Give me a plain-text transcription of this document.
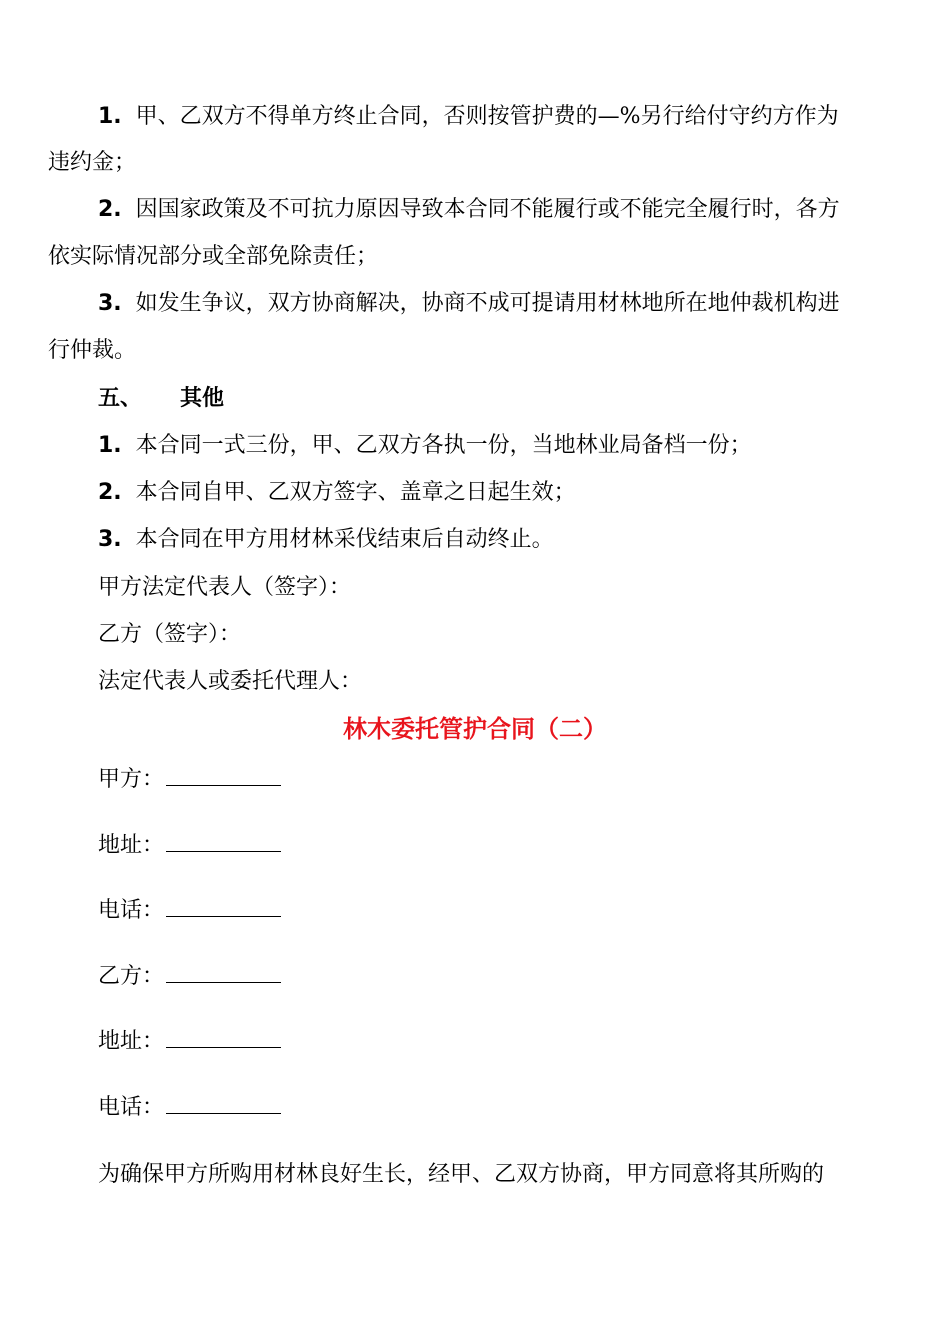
1. 甲、乙双方不得单方终止合同，否则按管护费的—%另行给付守约方作为
违约金；
2. 因国家政策及不可抗力原因导致本合同不能履行或不能完全履行时，各方
依实际情况部分或全部免除责任；
3. 如发生争议，双方协商解决，协商不成可提请用材林地所在地仲裁机构进
行仲裁。
五、 其他
1. 本合同一式三份，甲、乙双方各执一份，当地林业局备档一份；
2. 本合同自甲、乙双方签字、盖章之日起生效；
3. 本合同在甲方用材林采伐结束后自动终止。
甲方法定代表人（签字）：
乙方（签字）：
法定代表人或委托代理人：
林木委托管护合同（二）
甲方：
地址：
电话：
乙方：
地址：
电话：
为确保甲方所购用材林良好生长，经甲、乙双方协商，甲方同意将其所购的
